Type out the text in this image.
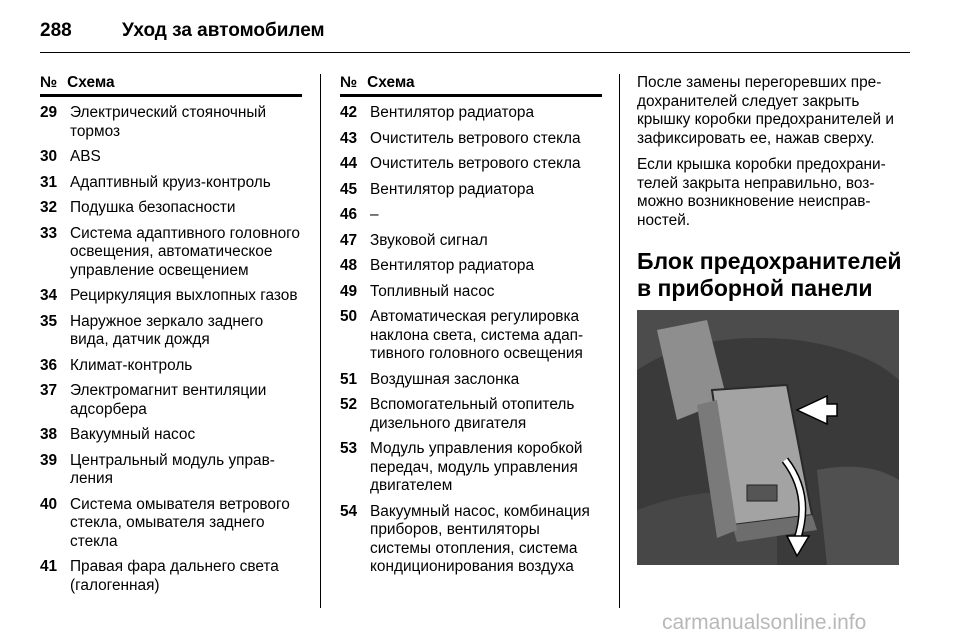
288	Уход за автомобилем
№ Схема
29 Электрический стояночный тормоз
30 ABS
31 Адаптивный круиз-контроль
32 Подушка безопасности
33 Система адаптивного головного освещения, автоматическое управление освещением
34 Рециркуляция выхлопных газов
35 Наружное зеркало заднего вида, датчик дождя
36 Климат-контроль
37 Электромагнит вентиляции адсорбера
38 Вакуумный насос
39 Центральный модуль управления
40 Система омывателя ветрового стекла, омывателя заднего стекла
41 Правая фара дальнего света (галогенная)
№ Схема
42 Вентилятор радиатора
43 Очиститель ветрового стекла
44 Очиститель ветрового стекла
45 Вентилятор радиатора
46 –
47 Звуковой сигнал
48 Вентилятор радиатора
49 Топливный насос
50 Автоматическая регулировка наклона света, система адаптивного головного освещения
51 Воздушная заслонка
52 Вспомогательный отопитель дизельного двигателя
53 Модуль управления коробкой передач, модуль управления двигателем
54 Вакуумный насос, комбинация приборов, вентиляторы системы отопления, система кондиционирования воздуха

После замены перегоревших предохранителей следует закрыть крышку коробки предохранителей и зафиксировать ее, нажав сверху.

Если крышка коробки предохранителей закрыта неправильно, возможно возникновение неисправностей.

Блок предохранителей в приборной панели
carmanualsonline.info
